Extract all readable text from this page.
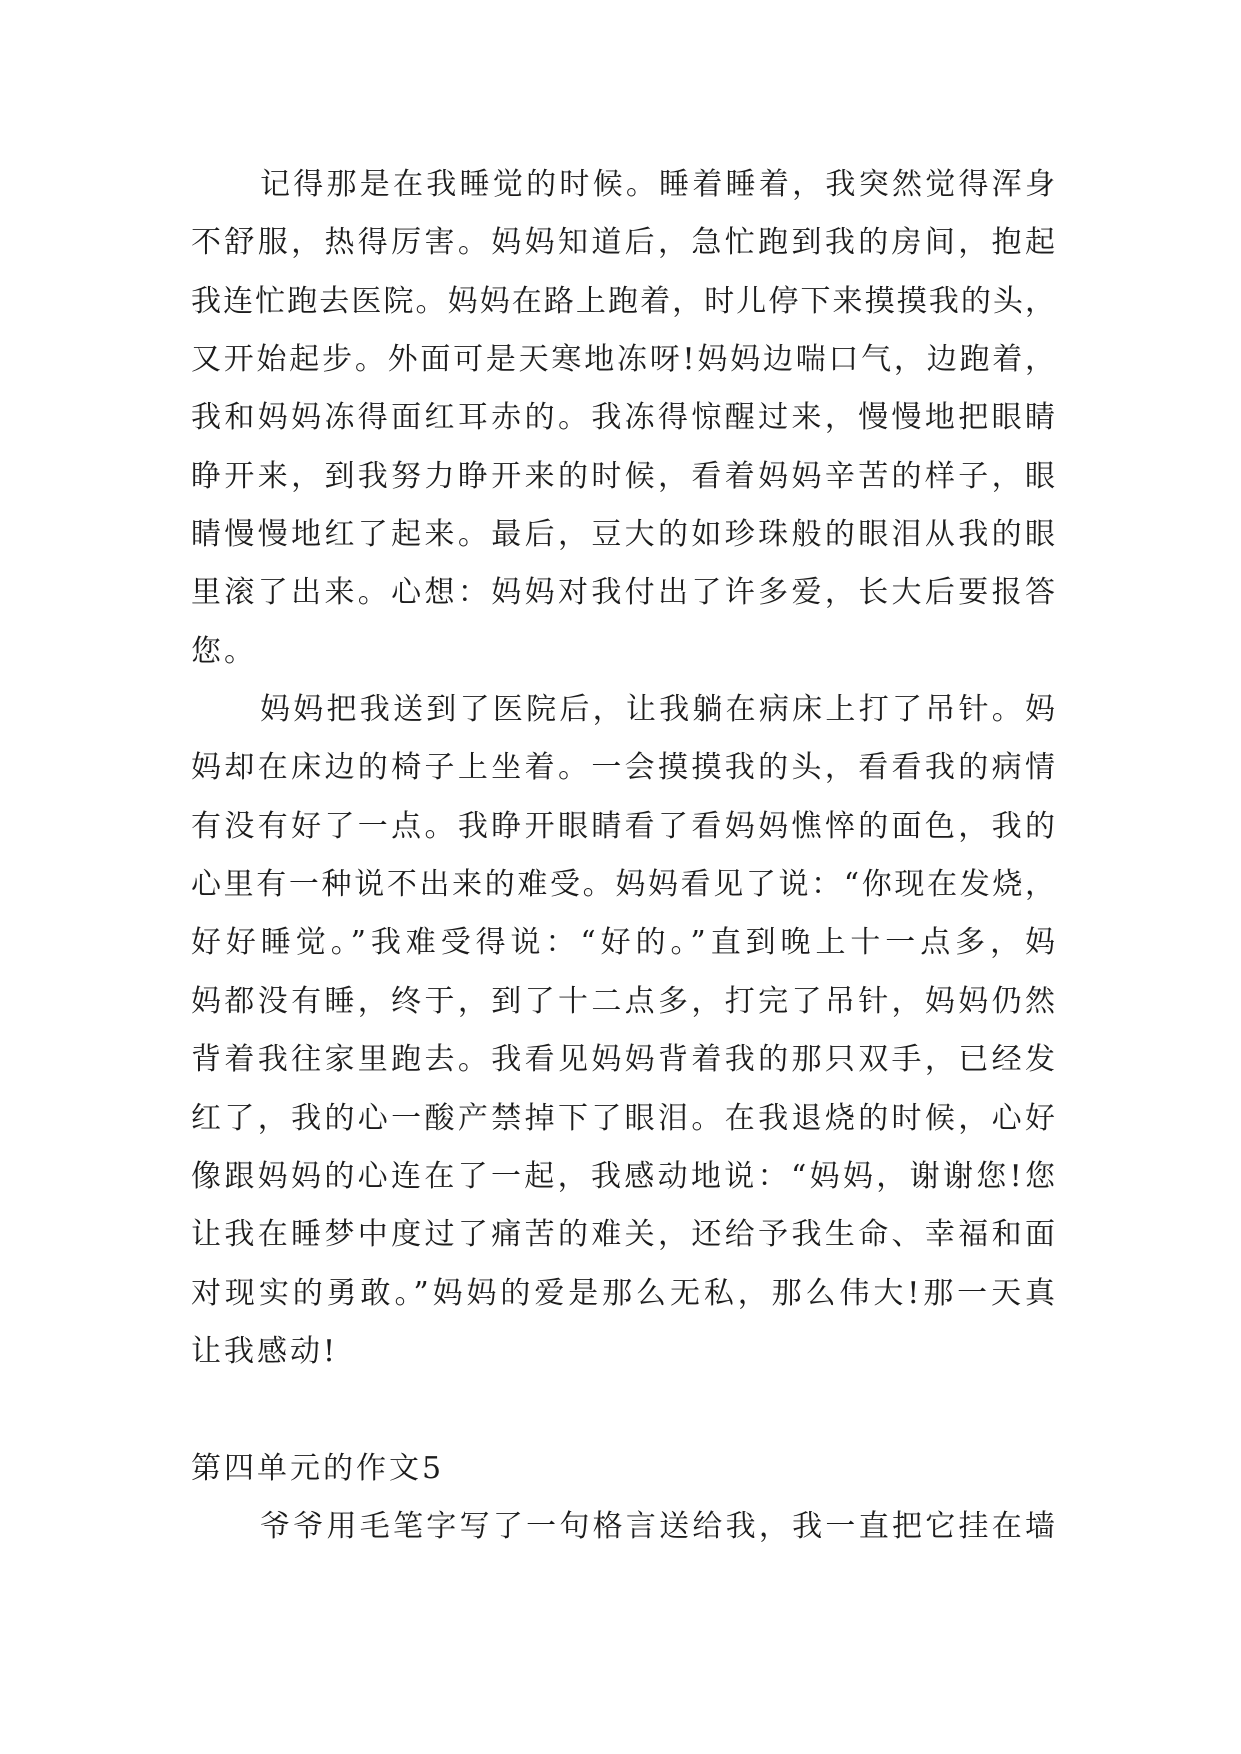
记得那是在我睡觉的时候。睡着睡着，我突然觉得浑身
不舒服，热得厉害。妈妈知道后，急忙跑到我的房间，抱起
我连忙跑去医院。妈妈在路上跑着，时儿停下来摸摸我的头，
又开始起步。外面可是天寒地冻呀!妈妈边喘口气，边跑着，
我和妈妈冻得面红耳赤的。我冻得惊醒过来，慢慢地把眼睛
睁开来，到我努力睁开来的时候，看着妈妈辛苦的样子，眼
睛慢慢地红了起来。最后，豆大的如珍珠般的眼泪从我的眼
里滚了出来。心想：妈妈对我付出了许多爱，长大后要报答
您。
妈妈把我送到了医院后，让我躺在病床上打了吊针。妈
妈却在床边的椅子上坐着。一会摸摸我的头，看看我的病情
有没有好了一点。我睁开眼睛看了看妈妈憔悴的面色，我的
心里有一种说不出来的难受。妈妈看见了说：“你现在发烧，
好好睡觉。”我难受得说：“好的。”直到晚上十一点多，妈
妈都没有睡，终于，到了十二点多，打完了吊针，妈妈仍然
背着我往家里跑去。我看见妈妈背着我的那只双手，已经发
红了，我的心一酸产禁掉下了眼泪。在我退烧的时候，心好
像跟妈妈的心连在了一起，我感动地说：“妈妈，谢谢您!您
让我在睡梦中度过了痛苦的难关，还给予我生命、幸福和面
对现实的勇敢。”妈妈的爱是那么无私，那么伟大!那一天真
让我感动!
第四单元的作文5
爷爷用毛笔字写了一句格言送给我，我一直把它挂在墙
